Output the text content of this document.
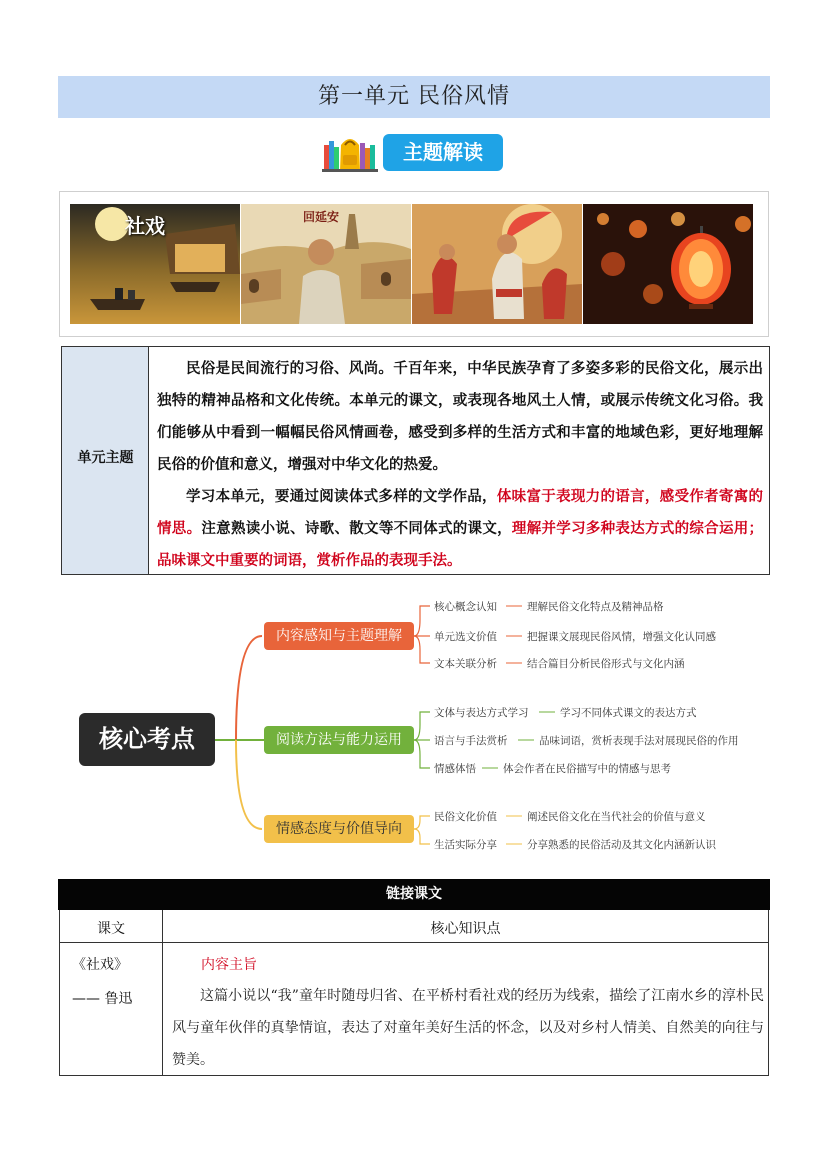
第一单元 民俗风情
主题解读
社戏	回延安
单元主题

民俗是民间流行的习俗、风尚。千百年来，中华民族孕育了多姿多彩的民俗文化，展示出独特的精神品格和文化传统。本单元的课文，或表现各地风土人情，或展示传统文化习俗。我们能够从中看到一幅幅民俗风情画卷，感受到多样的生活方式和丰富的地域色彩，更好地理解民俗的价值和意义，增强对中华文化的热爱。

学习本单元，要通过阅读体式多样的文学作品，体味富于表现力的语言，感受作者寄寓的情思。注意熟读小说、诗歌、散文等不同体式的课文，理解并学习多种表达方式的综合运用；品味课文中重要的词语，赏析作品的表现手法。

核心考点
内容感知与主题理解
阅读方法与能力运用
情感态度与价值导向
核心概念认知	理解民俗文化特点及精神品格
单元选文价值	把握课文展现民俗风情，增强文化认同感
文本关联分析	结合篇目分析民俗形式与文化内涵
文体与表达方式学习	学习不同体式课文的表达方式
语言与手法赏析	品味词语，赏析表现手法对展现民俗的作用
情感体悟	体会作者在民俗描写中的情感与思考
民俗文化价值	阐述民俗文化在当代社会的价值与意义
生活实际分享	分享熟悉的民俗活动及其文化内涵新认识
链接课文
课文	核心知识点
《社戏》
—— 鲁迅
内容主旨

这篇小说以“我”童年时随母归省、在平桥村看社戏的经历为线索，描绘了江南水乡的淳朴民风与童年伙伴的真挚情谊，表达了对童年美好生活的怀念，以及对乡村人情美、自然美的向往与赞美。
